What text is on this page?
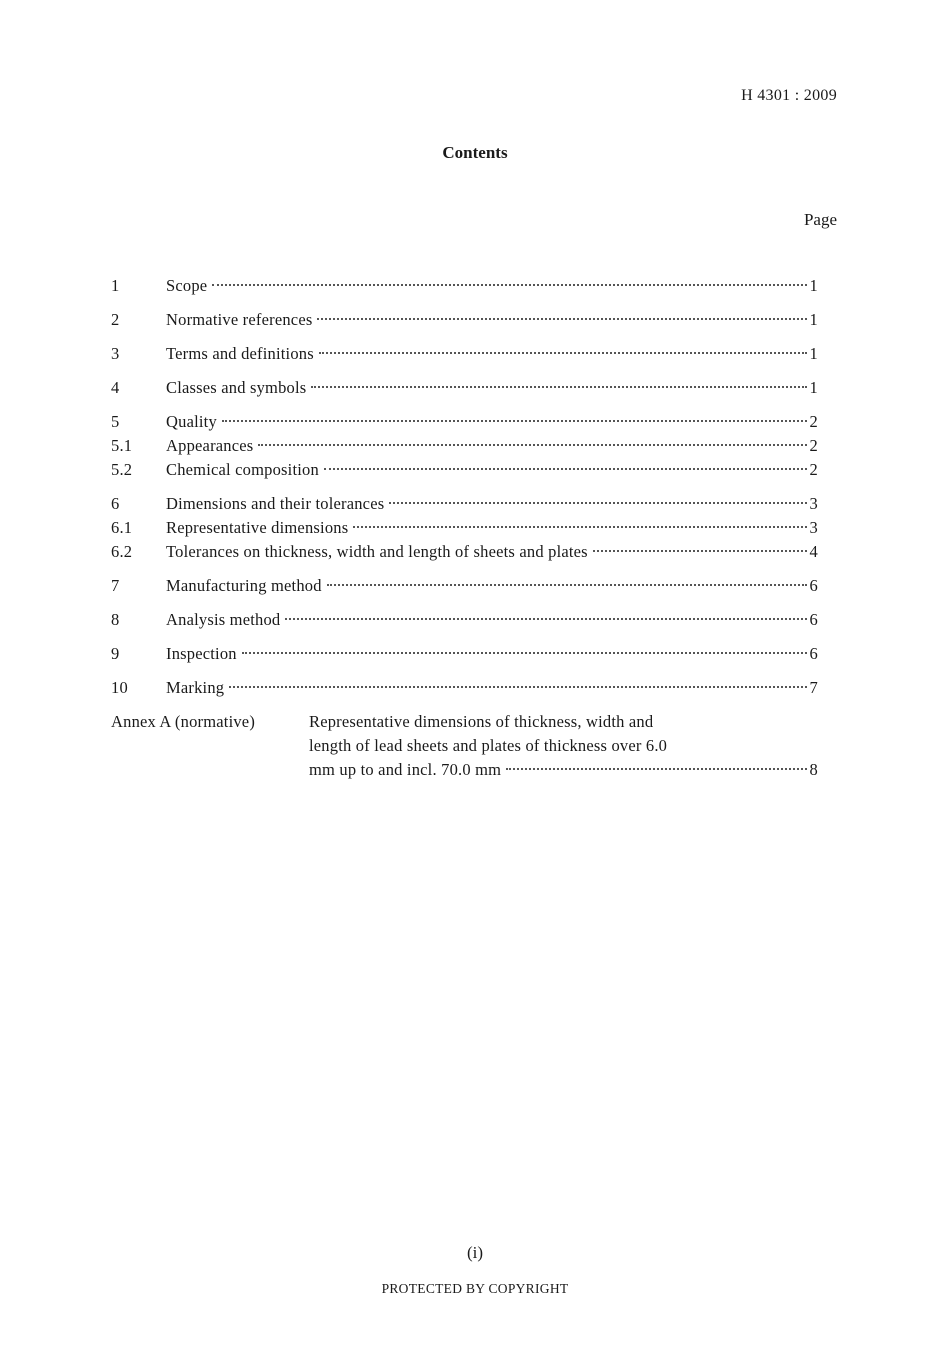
H 4301 : 2009
Contents
Page
1	Scope	1
2	Normative references	1
3	Terms and definitions	1
4	Classes and symbols	1
5	Quality	2
5.1	Appearances	2
5.2	Chemical composition	2
6	Dimensions and their tolerances	3
6.1	Representative dimensions	3
6.2	Tolerances on thickness, width and length of sheets and plates	4
7	Manufacturing method	6
8	Analysis method	6
9	Inspection	6
10	Marking	7
Annex A (normative)	Representative dimensions of thickness, width and
length of lead sheets and plates of thickness over 6.0
mm up to and incl. 70.0 mm	8
(i)
PROTECTED BY COPYRIGHT
